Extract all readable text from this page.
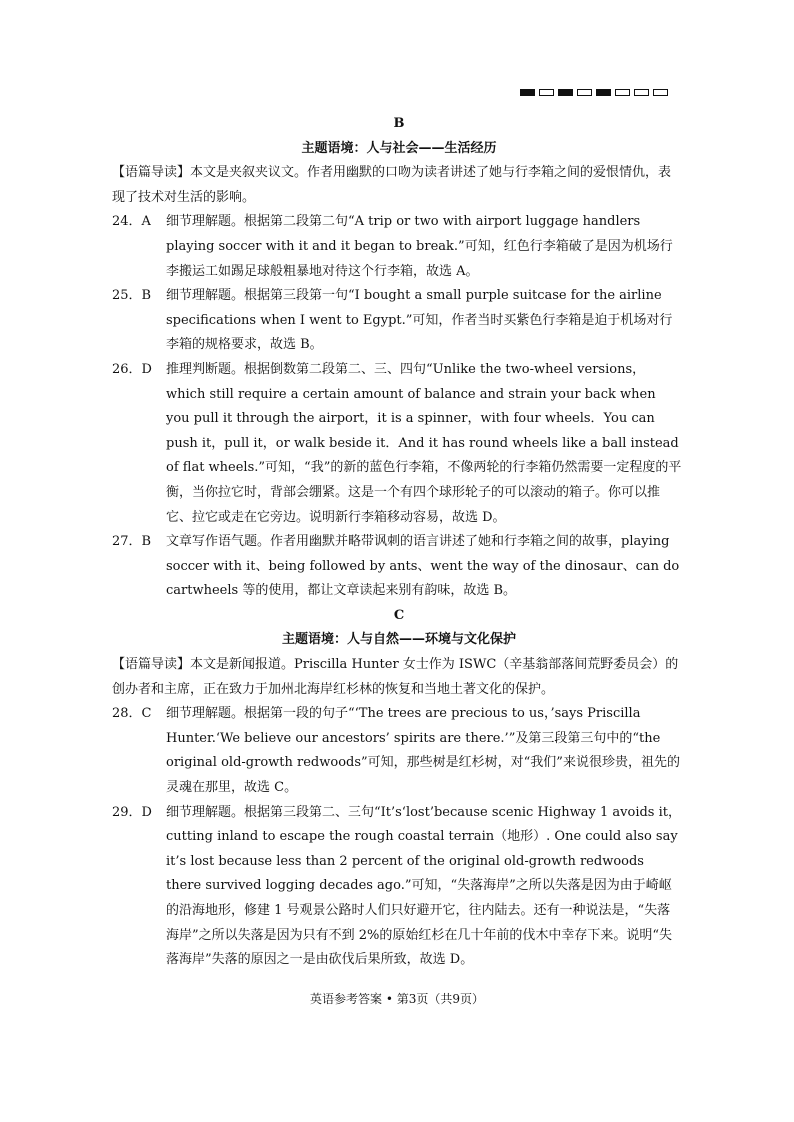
B
主题语境：人与社会——生活经历

【语篇导读】本文是夹叙夹议文。作者用幽默的口吻为读者讲述了她与行李箱之间的爱恨情仇，表现了技术对生活的影响。

24．A	细节理解题。根据第二段第二句“A trip or two with airport luggage handlers playing soccer with it and it began to break.”可知，红色行李箱破了是因为机场行李搬运工如踢足球般粗暴地对待这个行李箱，故选 A。
25．B	细节理解题。根据第三段第一句“I bought a small purple suitcase for the airline specifications when I went to Egypt.”可知，作者当时买紫色行李箱是迫于机场对行李箱的规格要求，故选 B。
26．D	推理判断题。根据倒数第二段第二、三、四句“Unlike the two-wheel versions，which still require a certain amount of balance and strain your back when you pull it through the airport，it is a spinner，with four wheels．You can push it，pull it，or walk beside it．And it has round wheels like a ball instead of flat wheels.”可知，“我”的新的蓝色行李箱，不像两轮的行李箱仍然需要一定程度的平衡，当你拉它时，背部会绷紧。这是一个有四个球形轮子的可以滚动的箱子。你可以推它、拉它或走在它旁边。说明新行李箱移动容易，故选 D。
27．B	文章写作语气题。作者用幽默并略带讽刺的语言讲述了她和行李箱之间的故事，playing soccer with it、being followed by ants、went the way of the dinosaur、can do cartwheels 等的使用，都让文章读起来别有韵味，故选 B。
C
主题语境：人与自然——环境与文化保护

【语篇导读】本文是新闻报道。Priscilla Hunter 女士作为 ISWC（辛基翁部落间荒野委员会）的创办者和主席，正在致力于加州北海岸红杉林的恢复和当地土著文化的保护。

28．C	细节理解题。根据第一段的句子“‘The trees are precious to us，’says Priscilla Hunter.‘We believe our ancestors’ spirits are there.’”及第三段第三句中的“the original old-growth redwoods”可知，那些树是红杉树，对“我们”来说很珍贵，祖先的灵魂在那里，故选 C。
29．D	细节理解题。根据第三段第二、三句“It’s‘lost’because scenic Highway 1 avoids it，cutting inland to escape the rough coastal terrain（地形）. One could also say it’s lost because less than 2 percent of the original old-growth redwoods there survived logging decades ago.”可知，“失落海岸”之所以失落是因为由于崎岖的沿海地形，修建 1 号观景公路时人们只好避开它，往内陆去。还有一种说法是，“失落海岸”之所以失落是因为只有不到 2%的原始红杉在几十年前的伐木中幸存下来。说明“失落海岸”失落的原因之一是由砍伐后果所致，故选 D。
英语参考答案 • 第3页（共9页）
